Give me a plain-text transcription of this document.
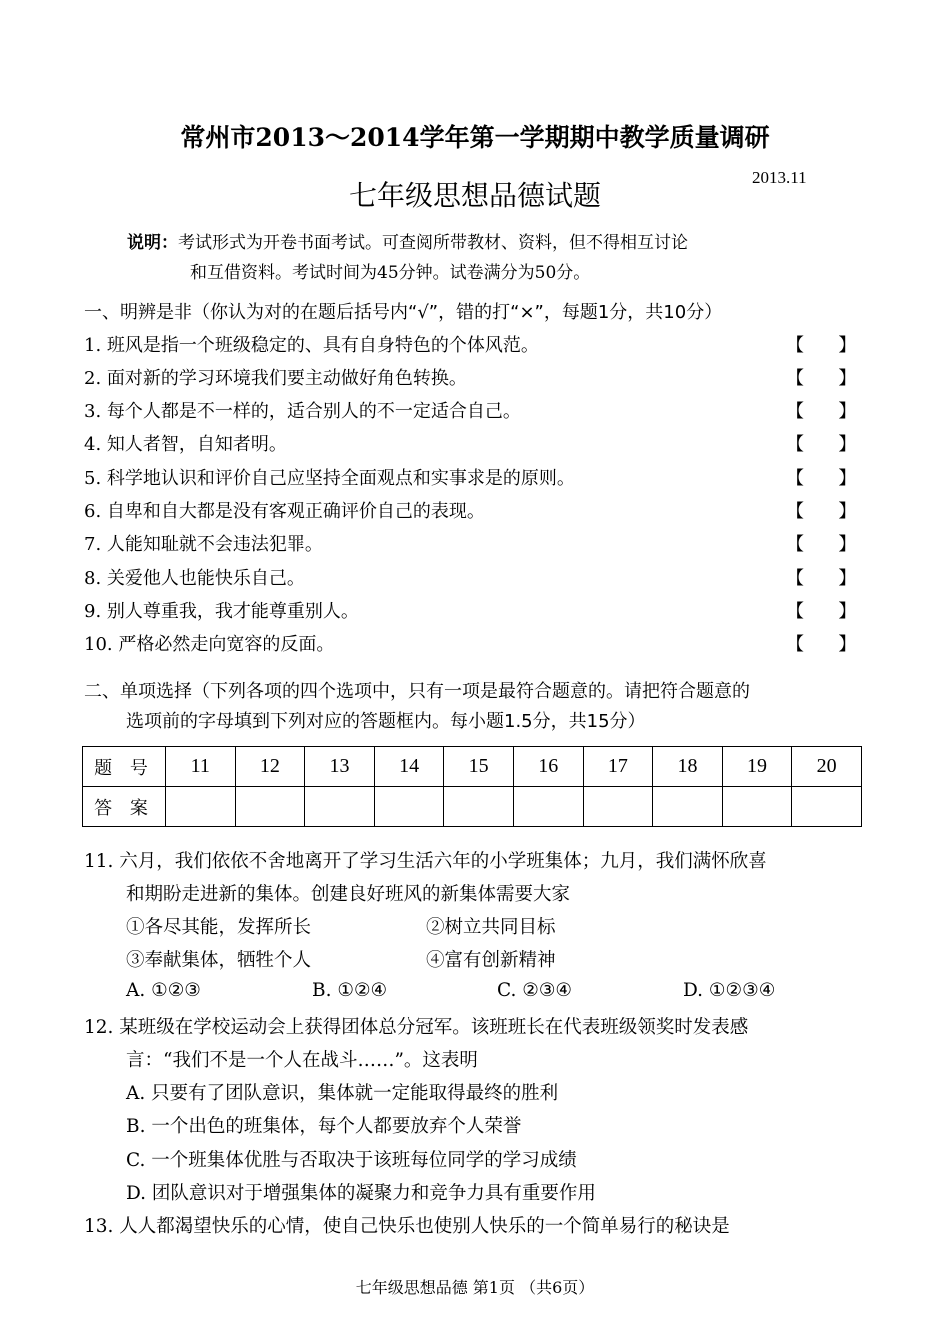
常州市2013～2014学年第一学期期中教学质量调研
七年级思想品德试题
2013.11
说明：考试形式为开卷书面考试。可查阅所带教材、资料，但不得相互讨论
和互借资料。考试时间为45分钟。试卷满分为50分。
一、明辨是非（你认为对的在题后括号内“√”，错的打“×”，每题1分，共10分）
1. 班风是指一个班级稳定的、具有自身特色的个体风范。	【      】
2. 面对新的学习环境我们要主动做好角色转换。	【      】
3. 每个人都是不一样的，适合别人的不一定适合自己。	【      】
4. 知人者智，自知者明。	【      】
5. 科学地认识和评价自己应坚持全面观点和实事求是的原则。	【      】
6. 自卑和自大都是没有客观正确评价自己的表现。	【      】
7. 人能知耻就不会违法犯罪。	【      】
8. 关爱他人也能快乐自己。	【      】
9. 别人尊重我，我才能尊重别人。	【      】
10. 严格必然走向宽容的反面。	【      】
二、单项选择（下列各项的四个选项中，只有一项是最符合题意的。请把符合题意的
选项前的字母填到下列对应的答题框内。每小题1.5分，共15分）
题 号	11	12	13	14	15	16	17	18	19	20
答 案										
11. 六月，我们依依不舍地离开了学习生活六年的小学班集体；九月，我们满怀欣喜
和期盼走进新的集体。创建良好班风的新集体需要大家
①各尽其能，发挥所长	②树立共同目标
③奉献集体，牺牲个人	④富有创新精神
A. ①②③	B. ①②④	C. ②③④	D. ①②③④
12. 某班级在学校运动会上获得团体总分冠军。该班班长在代表班级领奖时发表感
言：“我们不是一个人在战斗……”。这表明
A. 只要有了团队意识，集体就一定能取得最终的胜利
B. 一个出色的班集体，每个人都要放弃个人荣誉
C. 一个班集体优胜与否取决于该班每位同学的学习成绩
D. 团队意识对于增强集体的凝聚力和竞争力具有重要作用
13. 人人都渴望快乐的心情，使自己快乐也使别人快乐的一个简单易行的秘诀是
七年级思想品德 第1页 （共6页）
